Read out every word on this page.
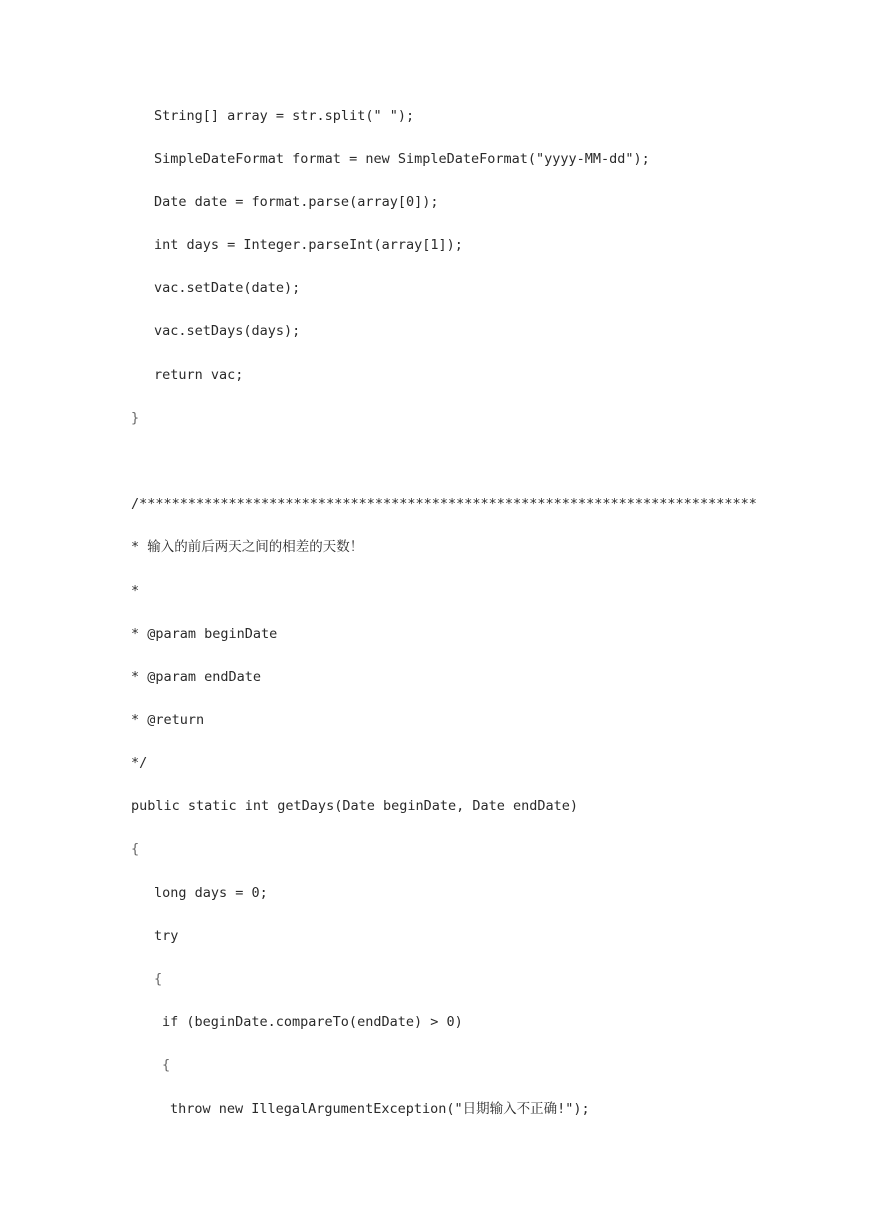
String[] array = str.split(" ");
SimpleDateFormat format = new SimpleDateFormat("yyyy-MM-dd");
Date date = format.parse(array[0]);
int days = Integer.parseInt(array[1]);
vac.setDate(date);
vac.setDays(days);
return vac;
}
/****************************************************************************
* 输入的前后两天之间的相差的天数！
*
* @param beginDate
* @param endDate
* @return
*/
public static int getDays(Date beginDate, Date endDate)
{
long days = 0;
try
{
if (beginDate.compareTo(endDate) > 0)
{
throw new IllegalArgumentException("日期输入不正确!");
